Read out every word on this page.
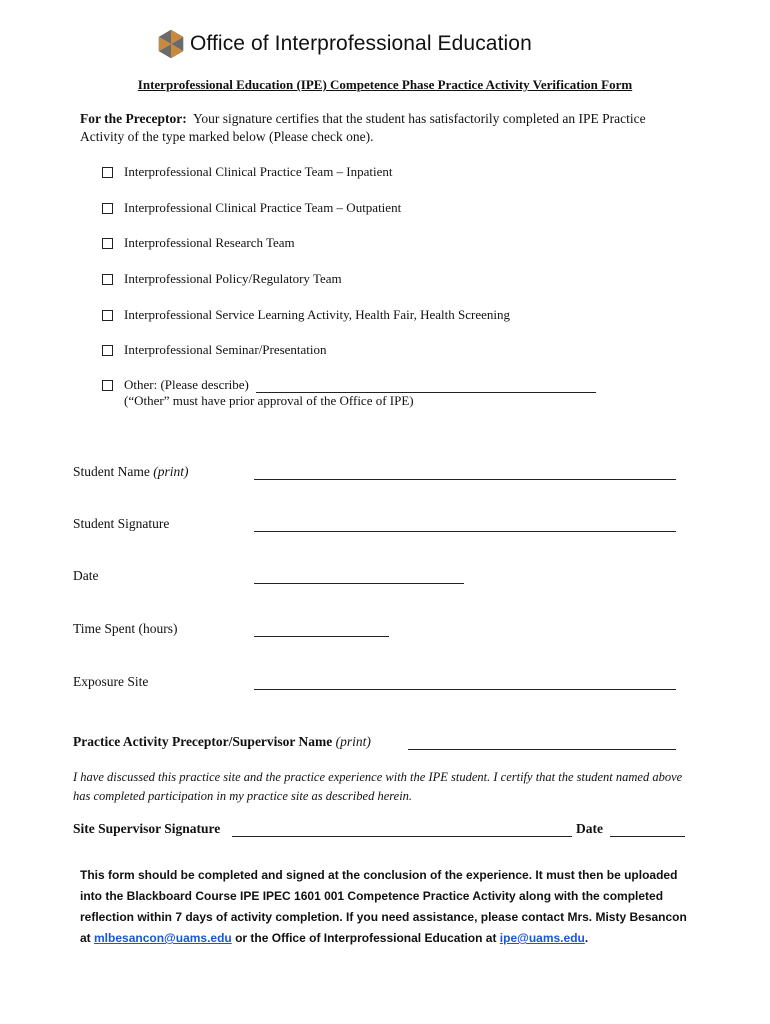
Office of Interprofessional Education
Interprofessional Education (IPE) Competence Phase Practice Activity Verification Form
For the Preceptor: Your signature certifies that the student has satisfactorily completed an IPE Practice Activity of the type marked below (Please check one).
Interprofessional Clinical Practice Team – Inpatient
Interprofessional Clinical Practice Team – Outpatient
Interprofessional Research Team
Interprofessional Policy/Regulatory Team
Interprofessional Service Learning Activity, Health Fair, Health Screening
Interprofessional Seminar/Presentation
Other: (Please describe)
(“Other” must have prior approval of the Office of IPE)
Student Name (print)
Student Signature
Date
Time Spent (hours)
Exposure Site
Practice Activity Preceptor/Supervisor Name (print)
I have discussed this practice site and the practice experience with the IPE student. I certify that the student named above has completed participation in my practice site as described herein.
Site Supervisor Signature	Date
This form should be completed and signed at the conclusion of the experience. It must then be uploaded into the Blackboard Course IPE IPEC 1601 001 Competence Practice Activity along with the completed reflection within 7 days of activity completion. If you need assistance, please contact Mrs. Misty Besancon at mlbesancon@uams.edu or the Office of Interprofessional Education at ipe@uams.edu.
